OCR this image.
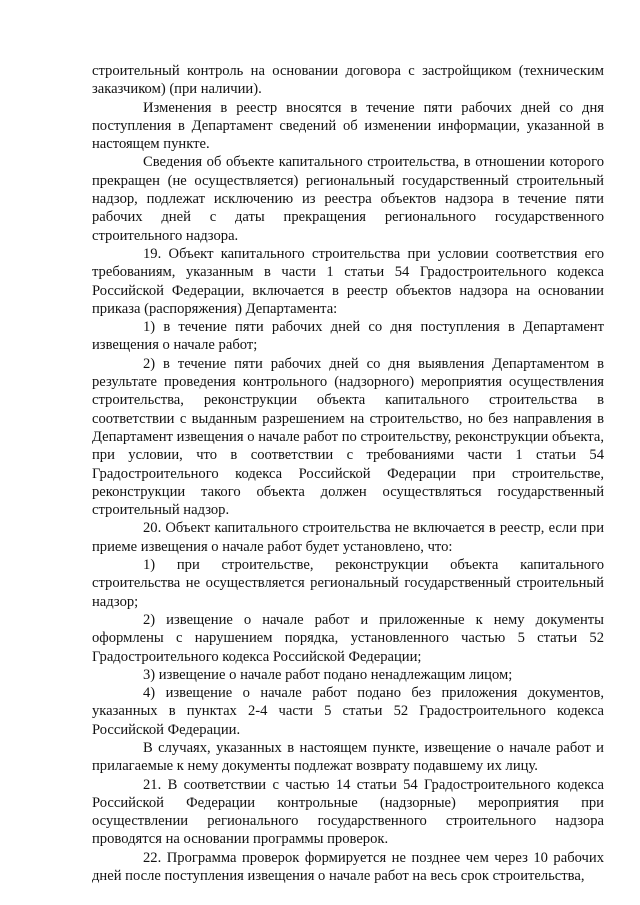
строительный контроль на основании договора с застройщиком (техническим заказчиком) (при наличии).

Изменения в реестр вносятся в течение пяти рабочих дней со дня поступления в Департамент сведений об изменении информации, указанной в настоящем пункте.

Сведения об объекте капитального строительства, в отношении которого прекращен (не осуществляется) региональный государственный строительный надзор, подлежат исключению из реестра объектов надзора в течение пяти рабочих дней с даты прекращения регионального государственного строительного надзора.

19. Объект капитального строительства при условии соответствия его требованиям, указанным в части 1 статьи 54 Градостроительного кодекса Российской Федерации, включается в реестр объектов надзора на основании приказа (распоряжения) Департамента:

1) в течение пяти рабочих дней со дня поступления в Департамент извещения о начале работ;

2) в течение пяти рабочих дней со дня выявления Департаментом в результате проведения контрольного (надзорного) мероприятия осуществления строительства, реконструкции объекта капитального строительства в соответствии с выданным разрешением на строительство, но без направления в Департамент извещения о начале работ по строительству, реконструкции объекта, при условии, что в соответствии с требованиями части 1 статьи 54 Градостроительного кодекса Российской Федерации при строительстве, реконструкции такого объекта должен осуществляться государственный строительный надзор.

20. Объект капитального строительства не включается в реестр, если при приеме извещения о начале работ будет установлено, что:

1) при строительстве, реконструкции объекта капитального строительства не осуществляется региональный государственный строительный надзор;

2) извещение о начале работ и приложенные к нему документы оформлены с нарушением порядка, установленного частью 5 статьи 52 Градостроительного кодекса Российской Федерации;

3) извещение о начале работ подано ненадлежащим лицом;

4) извещение о начале работ подано без приложения документов, указанных в пунктах 2-4 части 5 статьи 52 Градостроительного кодекса Российской Федерации.

В случаях, указанных в настоящем пункте, извещение о начале работ и прилагаемые к нему документы подлежат возврату подавшему их лицу.

21. В соответствии с частью 14 статьи 54 Градостроительного кодекса Российской Федерации контрольные (надзорные) мероприятия при осуществлении регионального государственного строительного надзора проводятся на основании программы проверок.

22. Программа проверок формируется не позднее чем через 10 рабочих дней после поступления извещения о начале работ на весь срок строительства,
